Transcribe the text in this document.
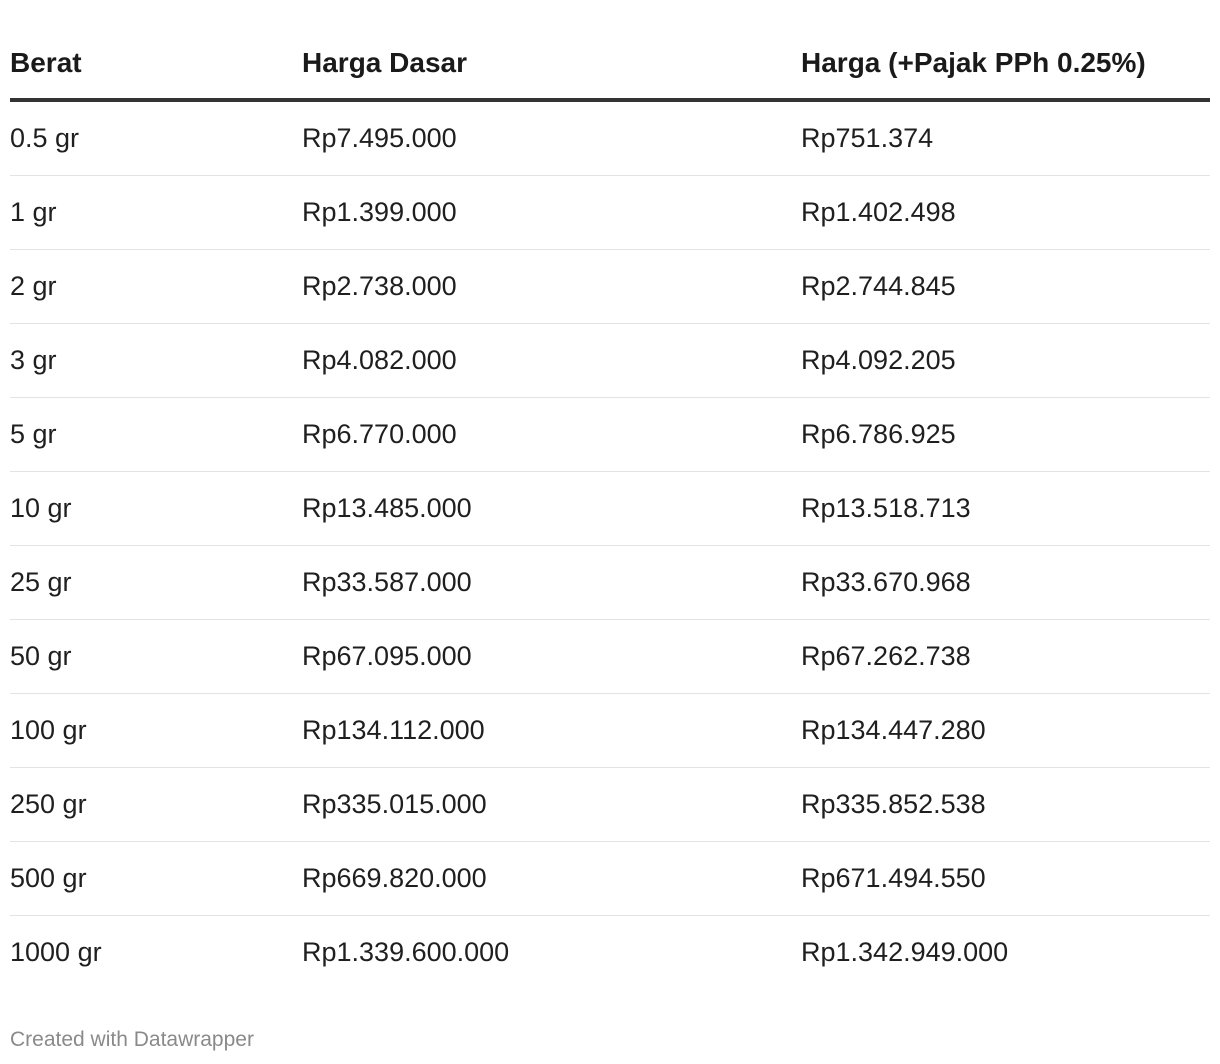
Berat	Harga Dasar	Harga (+Pajak PPh 0.25%)
0.5 gr	Rp7.495.000	Rp751.374
1 gr	Rp1.399.000	Rp1.402.498
2 gr	Rp2.738.000	Rp2.744.845
3 gr	Rp4.082.000	Rp4.092.205
5 gr	Rp6.770.000	Rp6.786.925
10 gr	Rp13.485.000	Rp13.518.713
25 gr	Rp33.587.000	Rp33.670.968
50 gr	Rp67.095.000	Rp67.262.738
100 gr	Rp134.112.000	Rp134.447.280
250 gr	Rp335.015.000	Rp335.852.538
500 gr	Rp669.820.000	Rp671.494.550
1000 gr	Rp1.339.600.000	Rp1.342.949.000
Created with Datawrapper
